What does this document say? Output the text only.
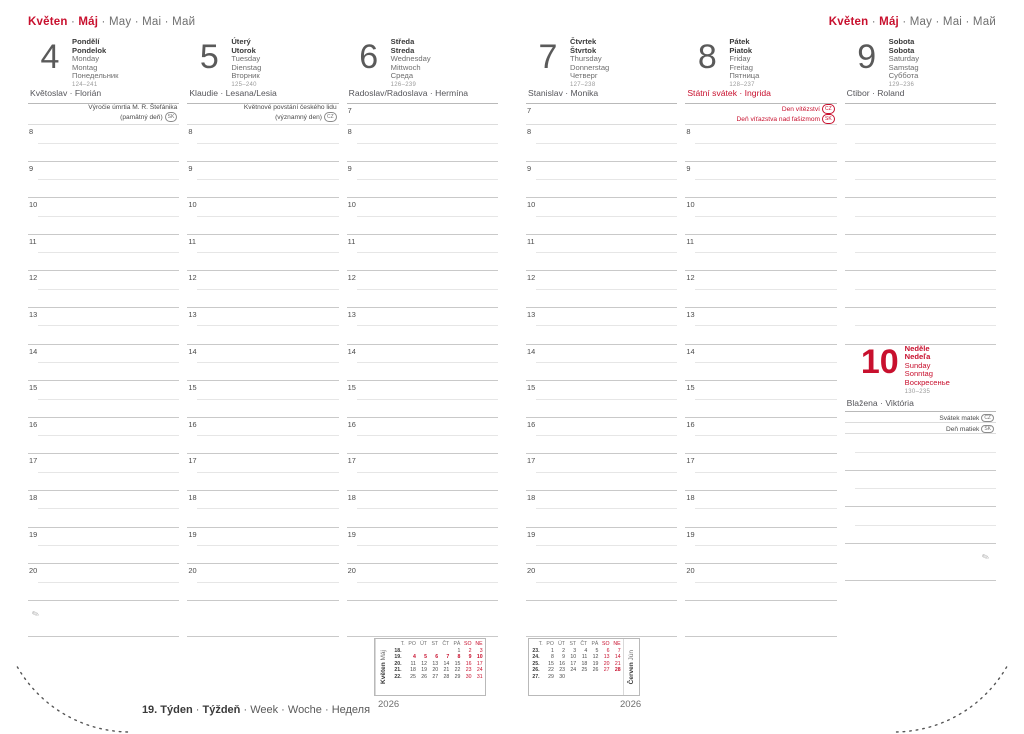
Květen · Máj · May · Mai · Май
4	Pondělí
Pondelok
Monday
Montag
Понедельник
124–241
Květoslav · Florián
Výročie úmrtia M. R. Štefánika
(pamätný deň) SK
8
9
10
11
12
13
14
15
16
17
18
19
20
✎
5	Úterý
Utorok
Tuesday
Dienstag
Вторник
125–240
Klaudie · Lesana/Lesia
Květnové povstání českého lidu
(významný den) CZ
8
9
10
11
12
13
14
15
16
17
18
19
20
6	Středa
Streda
Wednesday
Mittwoch
Среда
126–239
Radoslav/Radoslava · Hermína
7
8
9
10
11
12
13
14
15
16
17
18
19
20
Květen · Máj · May · Mai · Май
7	Čtvrtek
Štvrtok
Thursday
Donnerstag
Четверг
127–238
Stanislav · Monika
7
8
9
10
11
12
13
14
15
16
17
18
19
20
8	Pátek
Piatok
Friday
Freitag
Пятница
128–237
Státní svátek · Ingrida
Den vítězství CZ
Deň víťazstva nad fašizmom SK
8
9
10
11
12
13
14
15
16
17
18
19
20
9	Sobota
Sobota
Saturday
Samstag
Суббота
129–236
Ctibor · Roland
10 Neděle
Nedeľa
Sunday
Sonntag
Воскресенье
130–235
Blažena · Viktória
Svátek matek CZ
Deň matiek SK
✎
19. Týden · Týždeň · Week · Woche · Неделя
Květen Máj
T.	PO	ÚT	ST	ČT	PÁ	SO	NE
18.					1	2	3
19.	4	5	6	7	8	9	10
20.	11	12	13	14	15	16	17
21.	18	19	20	21	22	23	24
22.	25	26	27	28	29	30	31
2026
T.	PO	ÚT	ST	ČT	PÁ	SO	NE
23.	1	2	3	4	5	6	7
24.	8	9	10	11	12	13	14
25.	15	16	17	18	19	20	21
26.	22	23	24	25	26	27	28
27.	29	30						Červen Jún
2026
